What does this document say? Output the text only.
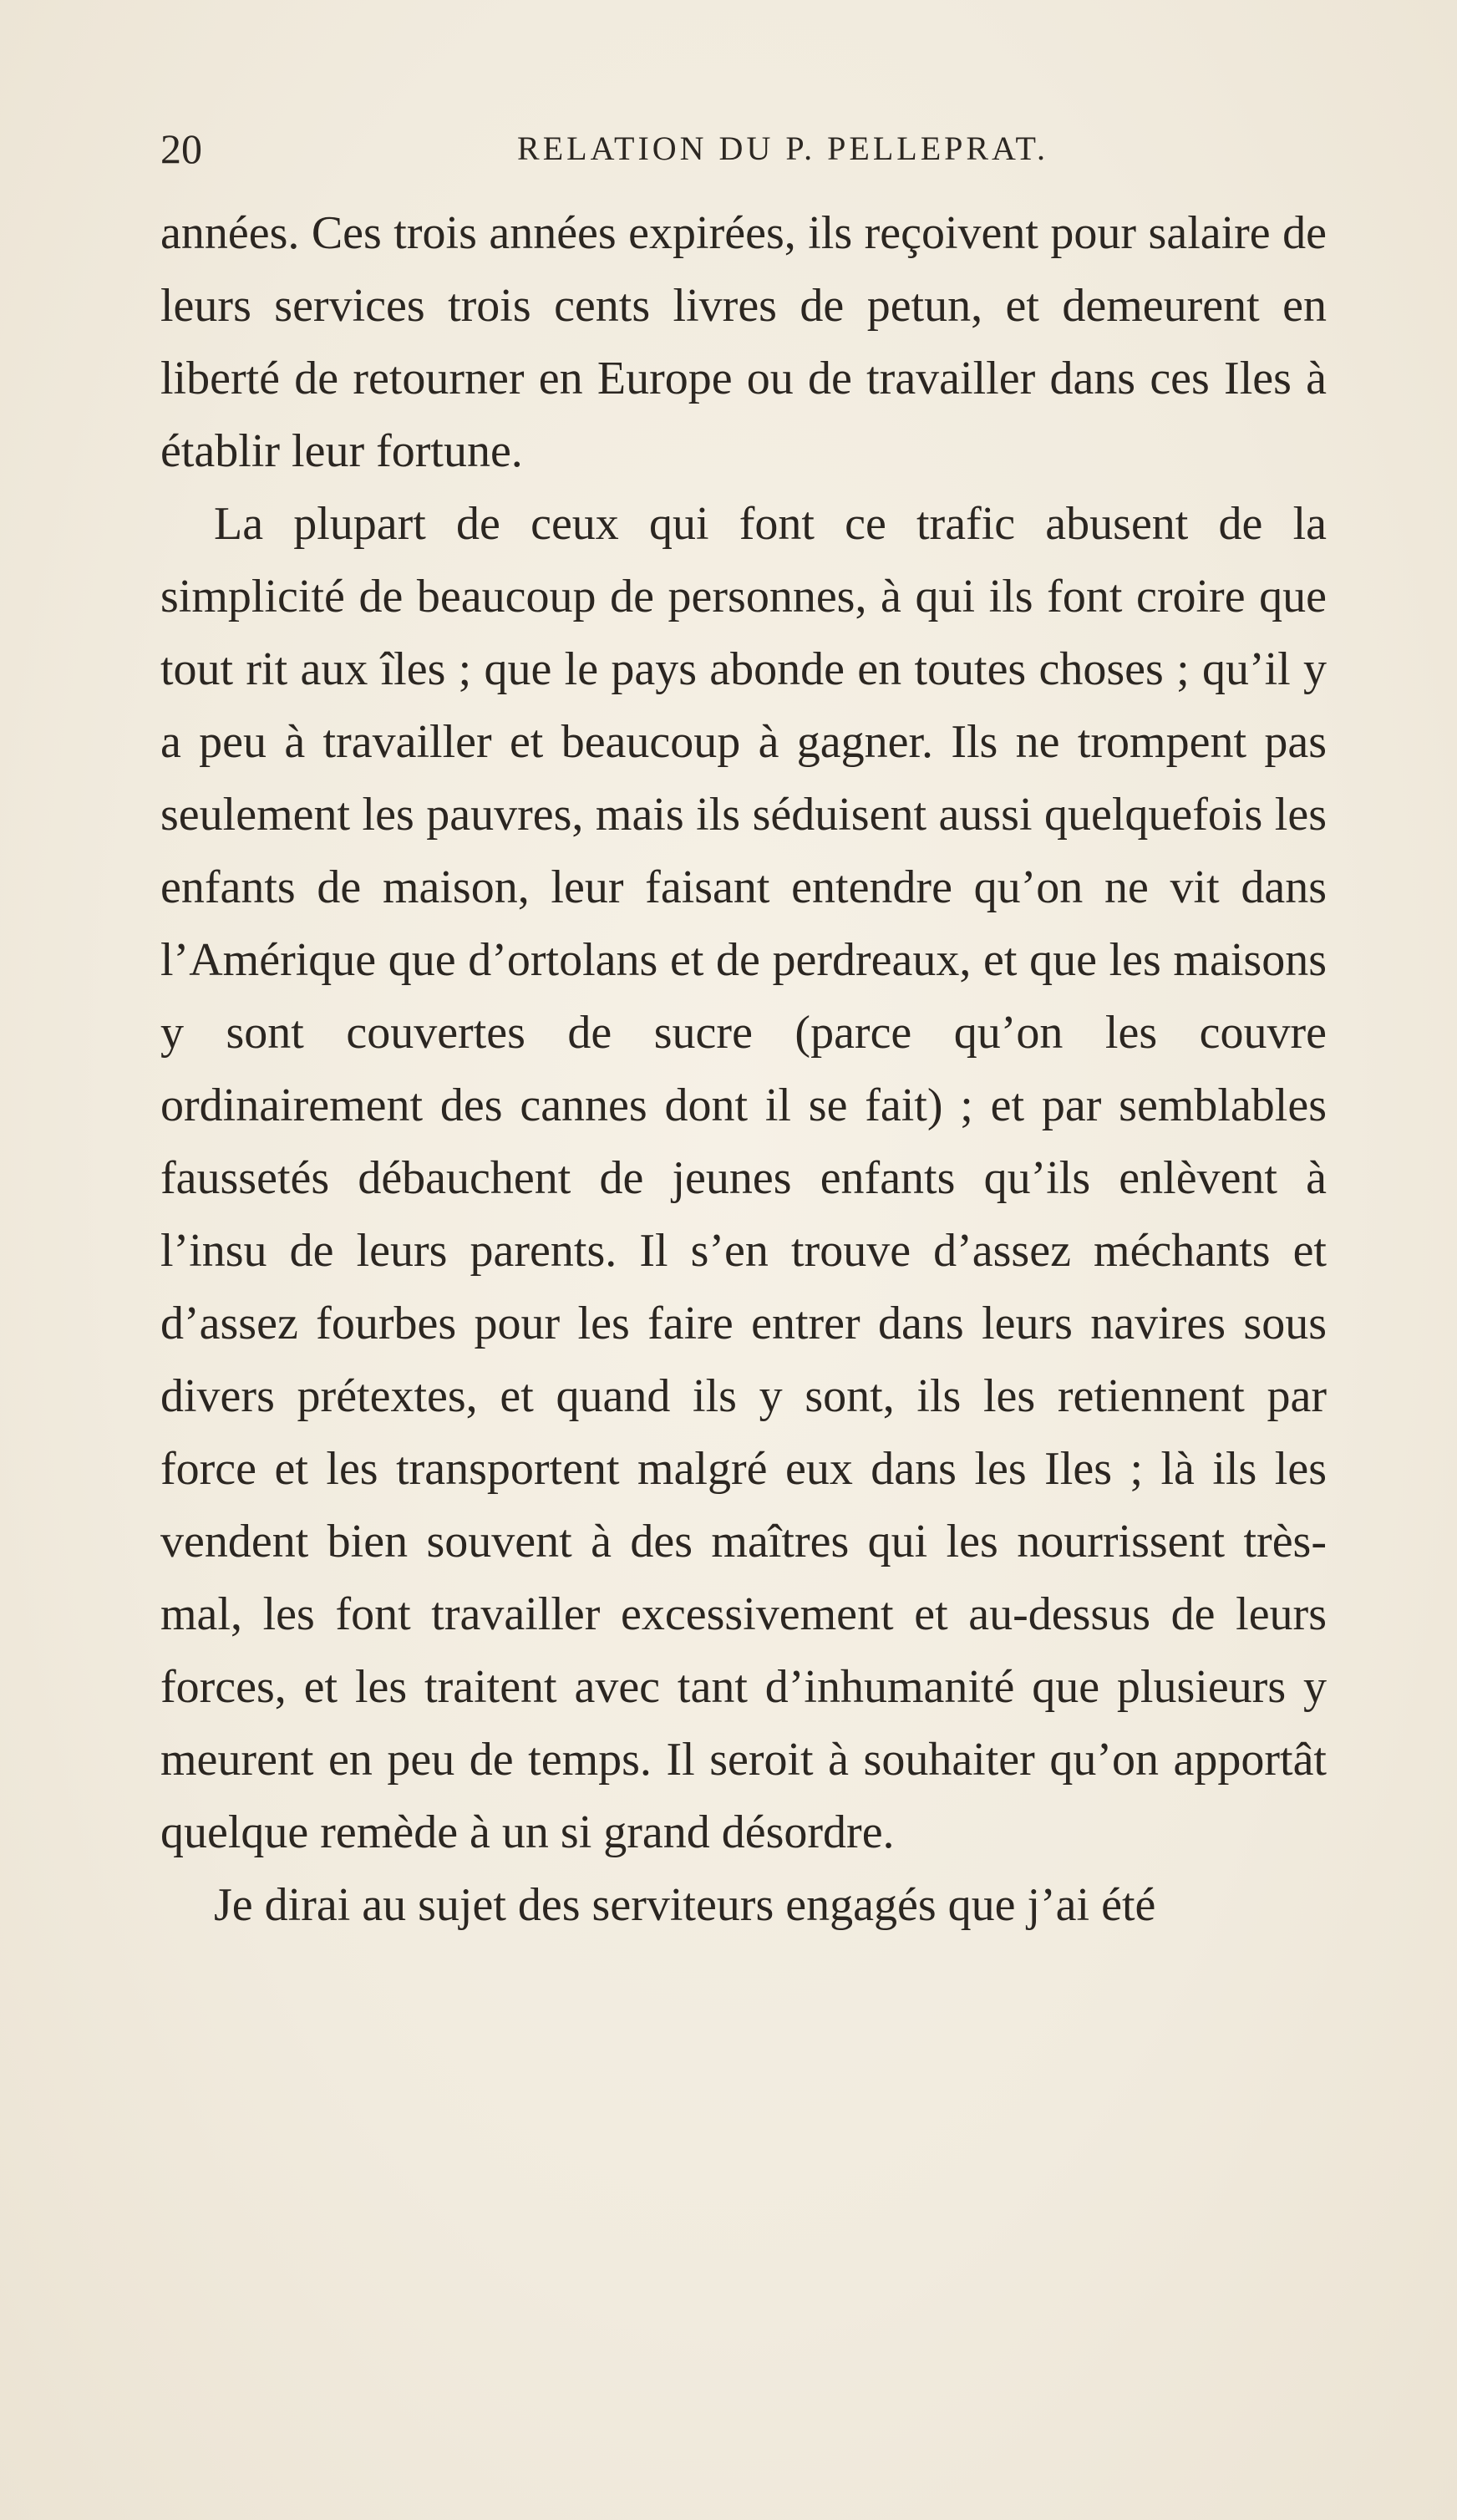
20	RELATION DU P. PELLEPRAT.

années. Ces trois années expirées, ils reçoivent pour salaire de leurs services trois cents livres de petun, et demeurent en liberté de retourner en Europe ou de travailler dans ces Iles à établir leur fortune.

La plupart de ceux qui font ce trafic abusent de la simplicité de beaucoup de personnes, à qui ils font croire que tout rit aux îles ; que le pays abonde en toutes choses ; qu’il y a peu à travailler et beaucoup à gagner. Ils ne trompent pas seulement les pauvres, mais ils séduisent aussi quelquefois les enfants de maison, leur faisant entendre qu’on ne vit dans l’Amérique que d’ortolans et de perdreaux, et que les maisons y sont couvertes de sucre (parce qu’on les couvre ordinairement des cannes dont il se fait) ; et par semblables faussetés débauchent de jeunes enfants qu’ils enlèvent à l’insu de leurs parents. Il s’en trouve d’assez méchants et d’assez fourbes pour les faire entrer dans leurs navires sous divers prétextes, et quand ils y sont, ils les retiennent par force et les transportent malgré eux dans les Iles ; là ils les vendent bien souvent à des maîtres qui les nourrissent très-mal, les font travailler excessivement et au-dessus de leurs forces, et les traitent avec tant d’inhumanité que plusieurs y meurent en peu de temps. Il seroit à souhaiter qu’on apportât quelque remède à un si grand désordre.

Je dirai au sujet des serviteurs engagés que j’ai été
